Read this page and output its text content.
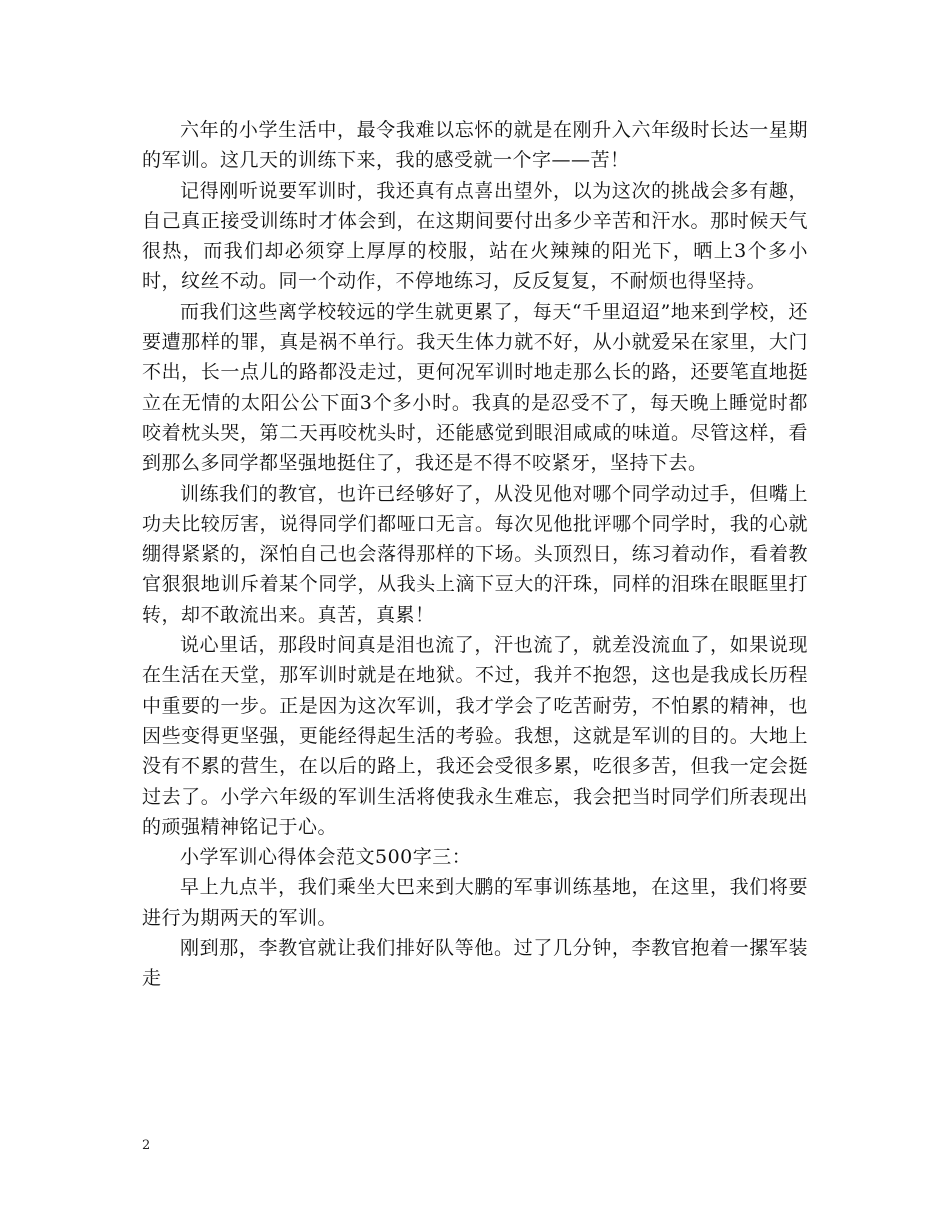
六年的小学生活中，最令我难以忘怀的就是在刚升入六年级时长达一星期的军训。这几天的训练下来，我的感受就一个字——苦！

记得刚听说要军训时，我还真有点喜出望外，以为这次的挑战会多有趣，自己真正接受训练时才体会到，在这期间要付出多少辛苦和汗水。那时候天气很热，而我们却必须穿上厚厚的校服，站在火辣辣的阳光下，晒上3个多小时，纹丝不动。同一个动作，不停地练习，反反复复，不耐烦也得坚持。

而我们这些离学校较远的学生就更累了，每天“千里迢迢”地来到学校，还要遭那样的罪，真是祸不单行。我天生体力就不好，从小就爱呆在家里，大门不出，长一点儿的路都没走过，更何况军训时地走那么长的路，还要笔直地挺立在无情的太阳公公下面3个多小时。我真的是忍受不了，每天晚上睡觉时都咬着枕头哭，第二天再咬枕头时，还能感觉到眼泪咸咸的味道。尽管这样，看到那么多同学都坚强地挺住了，我还是不得不咬紧牙，坚持下去。

训练我们的教官，也许已经够好了，从没见他对哪个同学动过手，但嘴上功夫比较厉害，说得同学们都哑口无言。每次见他批评哪个同学时，我的心就绷得紧紧的，深怕自己也会落得那样的下场。头顶烈日，练习着动作，看着教官狠狠地训斥着某个同学，从我头上滴下豆大的汗珠，同样的泪珠在眼眶里打转，却不敢流出来。真苦，真累！

说心里话，那段时间真是泪也流了，汗也流了，就差没流血了，如果说现在生活在天堂，那军训时就是在地狱。不过，我并不抱怨，这也是我成长历程中重要的一步。正是因为这次军训，我才学会了吃苦耐劳，不怕累的精神，也因些变得更坚强，更能经得起生活的考验。我想，这就是军训的目的。大地上没有不累的营生，在以后的路上，我还会受很多累，吃很多苦，但我一定会挺过去了。小学六年级的军训生活将使我永生难忘，我会把当时同学们所表现出的顽强精神铭记于心。

小学军训心得体会范文500字三：

早上九点半，我们乘坐大巴来到大鹏的军事训练基地，在这里，我们将要进行为期两天的军训。

刚到那，李教官就让我们排好队等他。过了几分钟，李教官抱着一摞军装走

2
